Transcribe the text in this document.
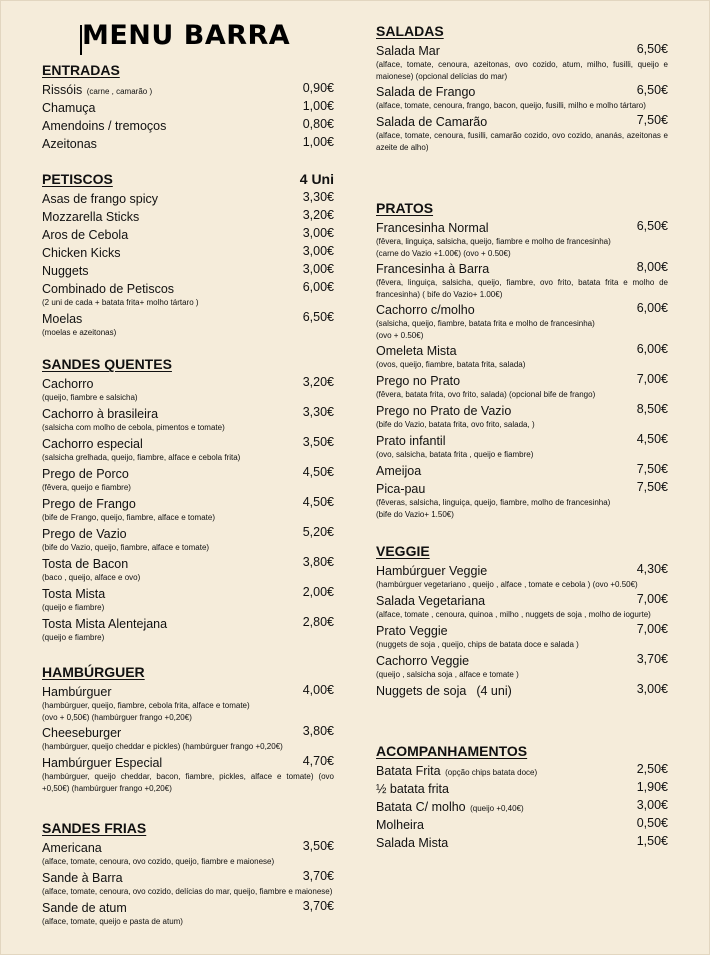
MENU BARRA
ENTRADAS
Rissóis (carne , camarão )	0,90€
Chamuça	1,00€
Amendoins / tremoços	0,80€
Azeitonas	1,00€
PETISCOS	4 Uni
Asas de frango spicy	3,30€
Mozzarella Sticks	3,20€
Aros de Cebola	3,00€
Chicken Kicks	3,00€
Nuggets	3,00€
Combinado de Petiscos	6,00€
(2 uni de cada + batata frita+ molho tártaro )
Moelas	6,50€
(moelas e azeitonas)
SANDES QUENTES
Cachorro	3,20€
(queijo, fiambre e salsicha)
Cachorro à brasileira	3,30€
(salsicha com molho de cebola, pimentos e tomate)
Cachorro especial	3,50€
(salsicha grelhada, queijo, fiambre, alface e cebola frita)
Prego de Porco	4,50€
(fêvera, queijo e fiambre)
Prego de Frango	4,50€
(bife de Frango, queijo, fiambre, alface e tomate)
Prego de Vazio	5,20€
(bife do Vazio, queijo, fiambre, alface e tomate)
Tosta de Bacon	3,80€
(baco , queijo, alface e ovo)
Tosta Mista	2,00€
(queijo e fiambre)
Tosta Mista Alentejana	2,80€
(queijo e fiambre)
HAMBÚRGUER
Hambúrguer	4,00€
(hambúrguer, queijo, fiambre, cebola frita, alface e tomate)
(ovo + 0,50€) (hambúrguer frango +0,20€)
Cheeseburger	3,80€
(hambúrguer, queijo cheddar e pickles) (hambúrguer frango +0,20€)
Hambúrguer Especial	4,70€
(hambúrguer, queijo cheddar, bacon, fiambre, pickles, alface e tomate) (ovo +0,50€) (hambúrguer frango +0,20€)
SANDES FRIAS
Americana	3,50€
(alface, tomate, cenoura, ovo cozido, queijo, fiambre e maionese)
Sande à Barra	3,70€
(alface, tomate, cenoura, ovo cozido, delícias do mar, queijo, fiambre e maionese)
Sande de atum	3,70€
(alface, tomate, queijo e pasta de atum)
SALADAS
Salada Mar	6,50€
(alface, tomate, cenoura, azeitonas, ovo cozido, atum, milho, fusilli, queijo e maionese) (opcional delícias do mar)
Salada de Frango	6,50€
(alface, tomate, cenoura, frango, bacon, queijo, fusilli, milho e molho tártaro)
Salada de Camarão	7,50€
(alface, tomate, cenoura, fusilli, camarão cozido, ovo cozido, ananás, azeitonas e azeite de alho)
PRATOS
Francesinha Normal	6,50€
(fêvera, linguiça, salsicha, queijo, fiambre e molho de francesinha)
(carne do Vazio +1.00€) (ovo + 0.50€)
Francesinha à Barra	8,00€
(fêvera, linguiça, salsicha, queijo, fiambre, ovo frito, batata frita e molho de francesinha) ( bife do Vazio+ 1.00€)
Cachorro c/molho	6,00€
(salsicha, queijo, fiambre, batata frita e molho de francesinha)
(ovo + 0.50€)
Omeleta Mista	6,00€
(ovos, queijo, fiambre, batata frita, salada)
Prego no Prato	7,00€
(fêvera, batata frita, ovo frito, salada) (opcional bife de frango)
Prego no Prato de Vazio	8,50€
(bife do Vazio, batata frita, ovo frito, salada, )
Prato infantil	4,50€
(ovo, salsicha, batata frita , queijo e fiambre)
Ameijoa	7,50€
Pica-pau	7,50€
(fêveras, salsicha, linguiça, queijo, fiambre, molho de francesinha)
(bife do Vazio+ 1.50€)
VEGGIE
Hambúrguer Veggie	4,30€
(hambúrguer vegetariano , queijo , alface , tomate e cebola ) (ovo +0.50€)
Salada Vegetariana	7,00€
(alface, tomate , cenoura, quinoa , milho , nuggets de soja , molho de iogurte)
Prato Veggie	7,00€
(nuggets de soja , queijo, chips de batata doce e salada )
Cachorro Veggie	3,70€
(queijo , salsicha soja , alface e tomate )
Nuggets de soja (4 uni)	3,00€
ACOMPANHAMENTOS
Batata Frita (opção chips batata doce)	2,50€
½ batata frita	1,90€
Batata C/ molho (queijo +0,40€)	3,00€
Molheira	0,50€
Salada Mista	1,50€
